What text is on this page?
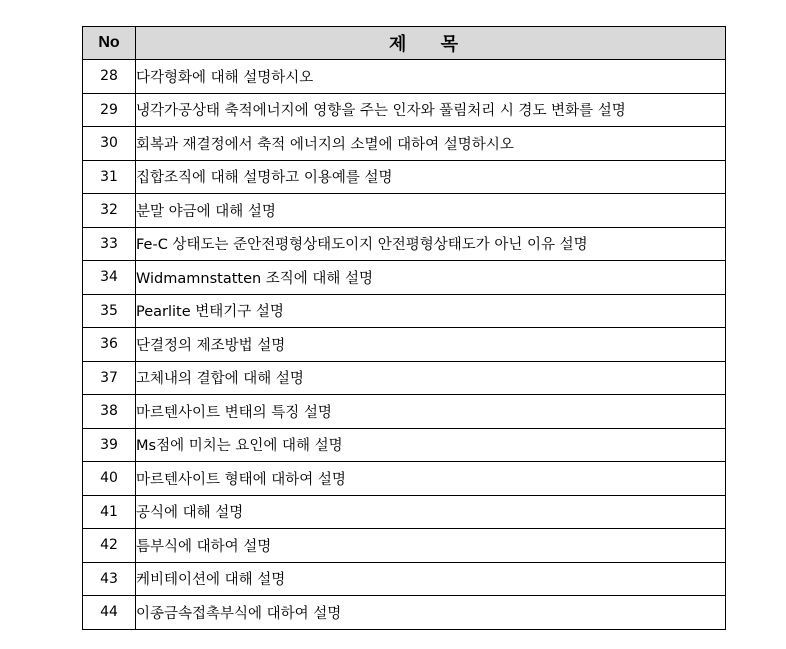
No	제 목
28	다각형화에 대해 설명하시오
29	냉각가공상태 축적에너지에 영향을 주는 인자와 풀림처리 시 경도 변화를 설명
30	회복과 재결정에서 축적 에너지의 소멸에 대하여 설명하시오
31	집합조직에 대해 설명하고 이용예를 설명
32	분말 야금에 대해 설명
33	Fe-C 상태도는 준안전평형상태도이지 안전평형상태도가 아닌 이유 설명
34	Widmamnstatten 조직에 대해 설명
35	Pearlite 변태기구 설명
36	단결정의 제조방법 설명
37	고체내의 결합에 대해 설명
38	마르텐사이트 변태의 특징 설명
39	Ms점에 미치는 요인에 대해 설명
40	마르텐사이트 형태에 대하여 설명
41	공식에 대해 설명
42	틈부식에 대하여 설명
43	케비테이션에 대해 설명
44	이종금속접촉부식에 대하여 설명
